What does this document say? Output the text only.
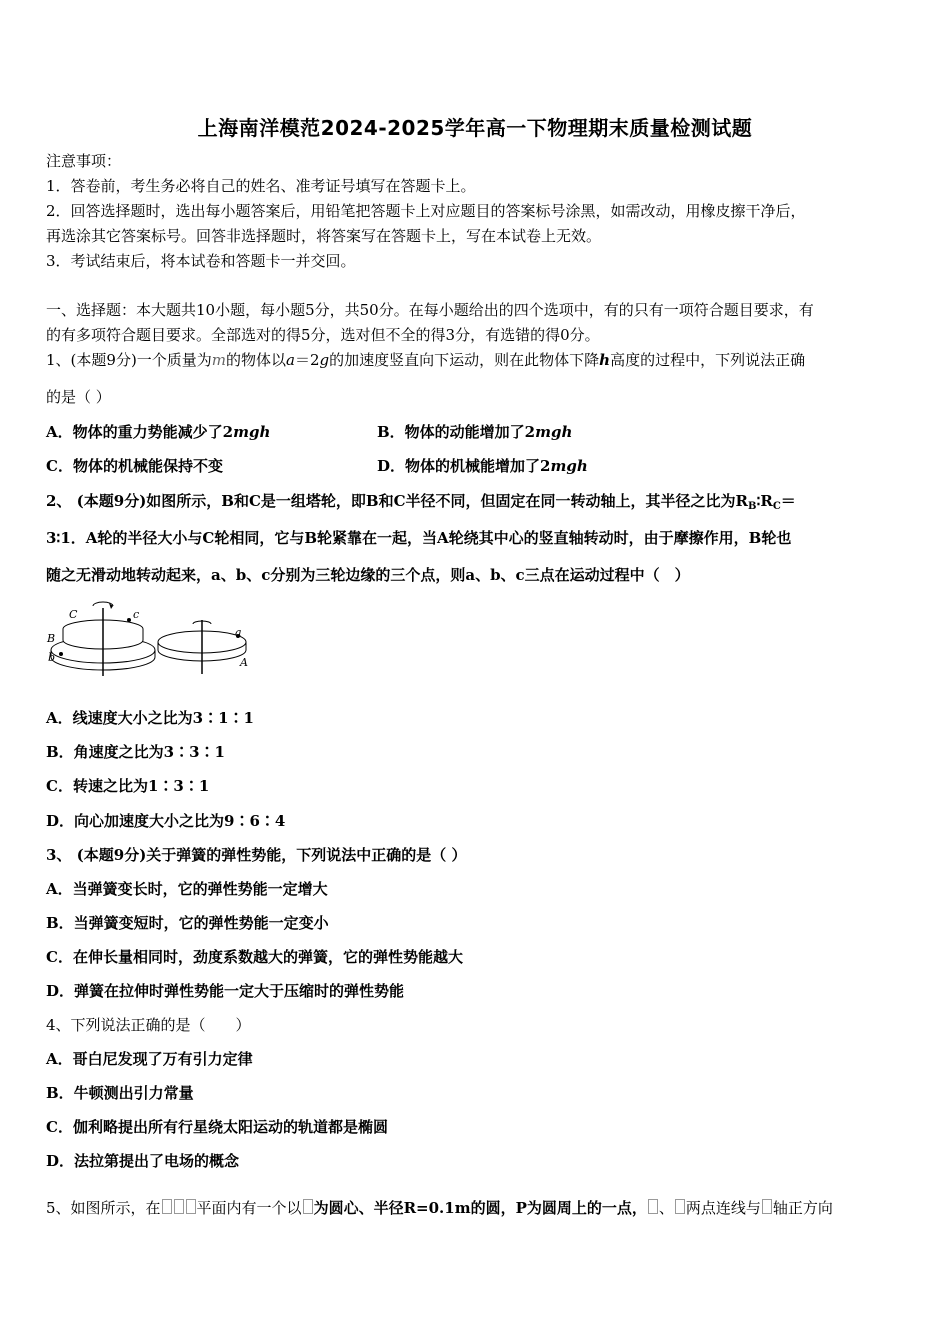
上海南洋模范2024-2025学年高一下物理期末质量检测试题
注意事项：
1．答卷前，考生务必将自己的姓名、准考证号填写在答题卡上。
2．回答选择题时，选出每小题答案后，用铅笔把答题卡上对应题目的答案标号涂黑，如需改动，用橡皮擦干净后，
再选涂其它答案标号。回答非选择题时，将答案写在答题卡上，写在本试卷上无效。
3．考试结束后，将本试卷和答题卡一并交回。
一、选择题：本大题共10小题，每小题5分，共50分。在每小题给出的四个选项中，有的只有一项符合题目要求，有
的有多项符合题目要求。全部选对的得5分，选对但不全的得3分，有选错的得0分。
1、(本题9分)一个质量为m的物体以a＝2g的加速度竖直向下运动，则在此物体下降h高度的过程中，下列说法正确
的是（ ）
A．物体的重力势能减少了2mgh	B．物体的动能增加了2mgh
C．物体的机械能保持不变	D．物体的机械能增加了2mgh
2、 (本题9分)如图所示，B和C是一组塔轮，即B和C半径不同，但固定在同一转动轴上，其半径之比为$R_B∶R_C=$
3∶1．A轮的半径大小与C轮相同，它与B轮紧靠在一起，当A轮绕其中心的竖直轴转动时，由于摩擦作用，B轮也
随之无滑动地转动起来，a、b、c分别为三轮边缘的三个点，则a、b、c三点在运动过程中（　）
C	c
B
b
a
A
A．线速度大小之比为3∶1∶1
B．角速度之比为3∶3∶1
C．转速之比为1∶3∶1
D．向心加速度大小之比为9∶6∶4
3、 (本题9分)关于弹簧的弹性势能，下列说法中正确的是（ ）
A．当弹簧变长时，它的弹性势能一定增大
B．当弹簧变短时，它的弹性势能一定变小
C．在伸长量相同时，劲度系数越大的弹簧，它的弹性势能越大
D．弹簧在拉伸时弹性势能一定大于压缩时的弹性势能
4、下列说法正确的是（　　）
A．哥白尼发现了万有引力定律
B．牛顿测出引力常量
C．伽利略提出所有行星绕太阳运动的轨道都是椭圆
D．法拉第提出了电场的概念
5、如图所示，在 平面内有一个以 为圆心、半径R=0.1m的圆，P为圆周上的一点， 、 两点连线与 轴正方向
